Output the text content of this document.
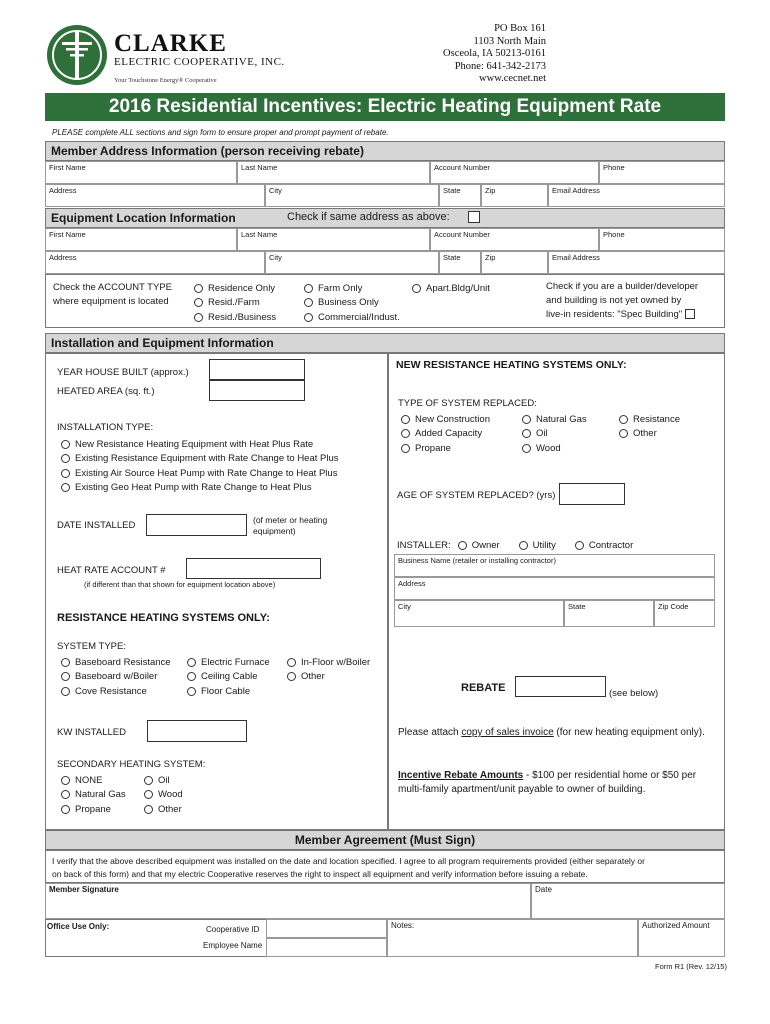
CLARKE
ELECTRIC COOPERATIVE, INC.
Your Touchstone Energy® Cooperative
PO Box 161
1103 North Main
Osceola, IA 50213-0161
Phone: 641-342-2173
www.cecnet.net
2016 Residential Incentives: Electric Heating Equipment Rate
PLEASE complete ALL sections and sign form to ensure proper and prompt payment of rebate.
Member Address Information (person receiving rebate)
First Name	Last Name	Account Number	Phone
Address	City	State	Zip	Email Address
Equipment Location Information	Check if same address as above:
First Name	Last Name	Account Number	Phone
Address	City	State	Zip	Email Address
Check the ACCOUNT TYPE
where equipment is located
Residence Only
Resid./Farm
Resid./Business
Farm Only
Business Only
Commercial/Indust.
Apart.Bldg/Unit	Check if you are a builder/developer
and building is not yet owned by
live-in residents: "Spec Building"
Installation and Equipment Information
YEAR HOUSE BUILT (approx.)
HEATED AREA (sq. ft.)
INSTALLATION TYPE:
New Resistance Heating Equipment with Heat Plus Rate
Existing Resistance Equipment with Rate Change to Heat Plus
Existing Air Source Heat Pump with Rate Change to Heat Plus
Existing Geo Heat Pump with Rate Change to Heat Plus
DATE INSTALLED	(of meter or heating
equipment)
HEAT RATE ACCOUNT #
(if different than that shown for equipment location above)
RESISTANCE HEATING SYSTEMS ONLY:
SYSTEM TYPE:
Baseboard Resistance
Baseboard w/Boiler
Cove Resistance
Electric Furnace
Ceiling Cable
Floor Cable
In-Floor w/Boiler
Other
KW INSTALLED
SECONDARY HEATING SYSTEM:
NONE
Natural Gas
Propane
Oil
Wood
Other
NEW RESISTANCE HEATING SYSTEMS ONLY:
TYPE OF SYSTEM REPLACED:
New Construction
Added Capacity
Propane
Natural Gas
Oil
Wood
Resistance
Other
AGE OF SYSTEM REPLACED? (yrs)
INSTALLER: Owner	Utility	Contractor
Business Name (retailer or installing contractor)
Address
City	State	Zip Code
REBATE	(see below)
Please attach copy of sales invoice (for new heating equipment only).
Incentive Rebate Amounts - $100 per residential home or $50 per
multi-family apartment/unit payable to owner of building.
Member Agreement (Must Sign)
I verify that the above described equipment was installed on the date and location specified. I agree to all program requirements provided (either separately or
on back of this form) and that my electric Cooperative reserves the right to inspect all equipment and verify information before issuing a rebate.
Member Signature	Date
Office Use Only:	Cooperative ID
Employee Name
Notes:	Authorized Amount
Form R1 (Rev. 12/15)
